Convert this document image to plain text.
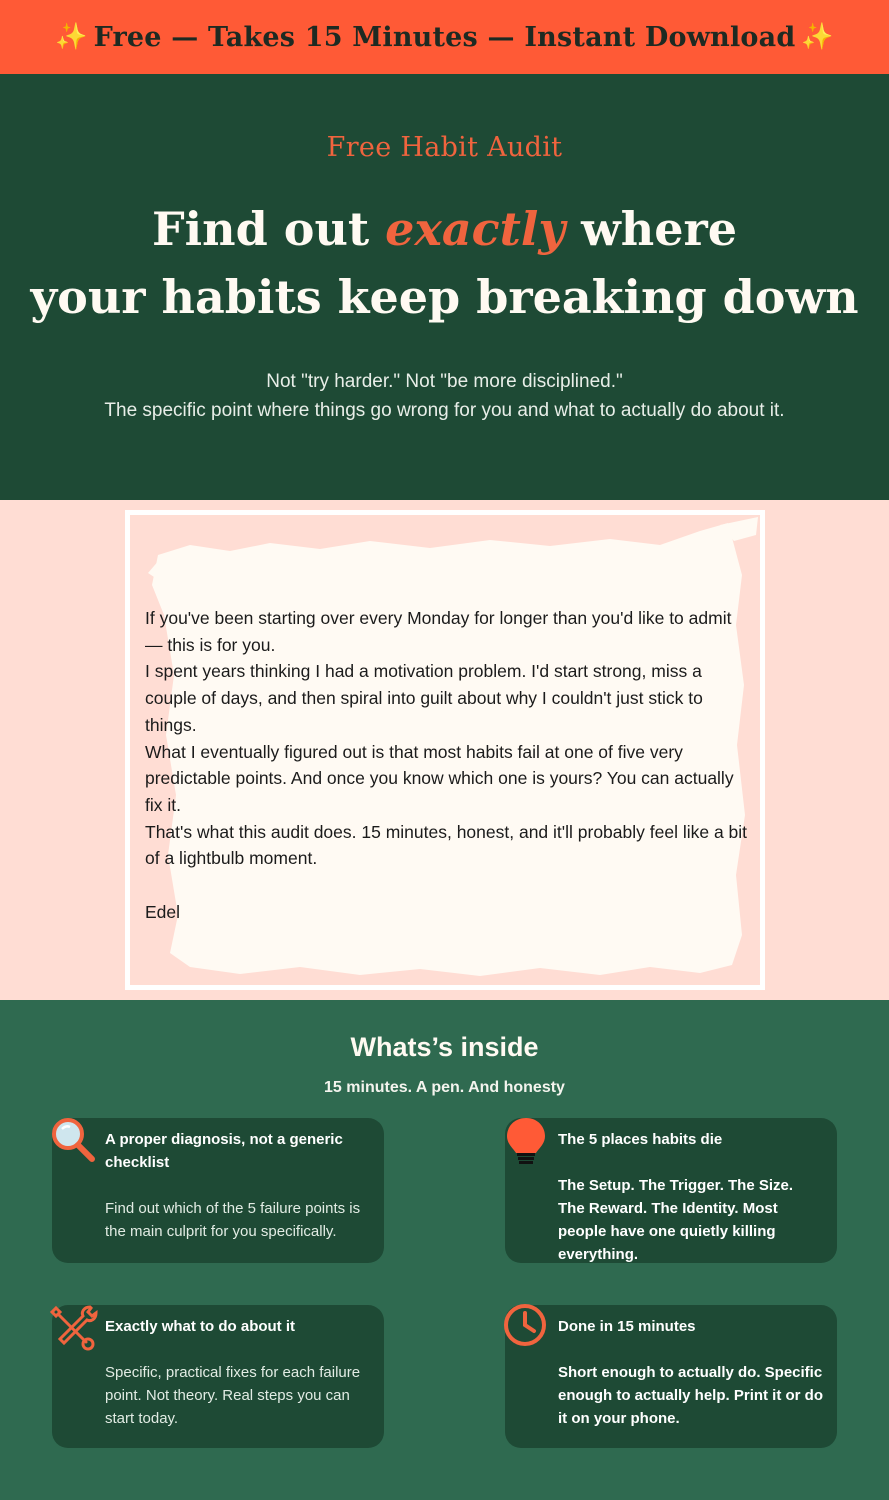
✨ Free — Takes 15 Minutes — Instant Download ✨
Free Habit Audit
Find out exactly where
your habits keep breaking down
Not "try harder." Not "be more disciplined."
The specific point where things go wrong for you and what to actually do about it.

If you've been starting over every Monday for longer than you'd like to admit — this is for you.

I spent years thinking I had a motivation problem. I'd start strong, miss a couple of days, and then spiral into guilt about why I couldn't just stick to things.

What I eventually figured out is that most habits fail at one of five very predictable points. And once you know which one is yours? You can actually fix it.

That's what this audit does. 15 minutes, honest, and it'll probably feel like a bit of a lightbulb moment.

Edel

Whats’s inside
15 minutes. A pen. And honesty
A proper diagnosis, not a generic checklist
Find out which of the 5 failure points is the main culprit for you specifically.
The 5 places habits die
The Setup. The Trigger. The Size. The Reward. The Identity. Most people have one quietly killing everything.
Exactly what to do about it
Specific, practical fixes for each failure point. Not theory. Real steps you can start today.
Done in 15 minutes
Short enough to actually do. Specific enough to actually help. Print it or do it on your phone.
